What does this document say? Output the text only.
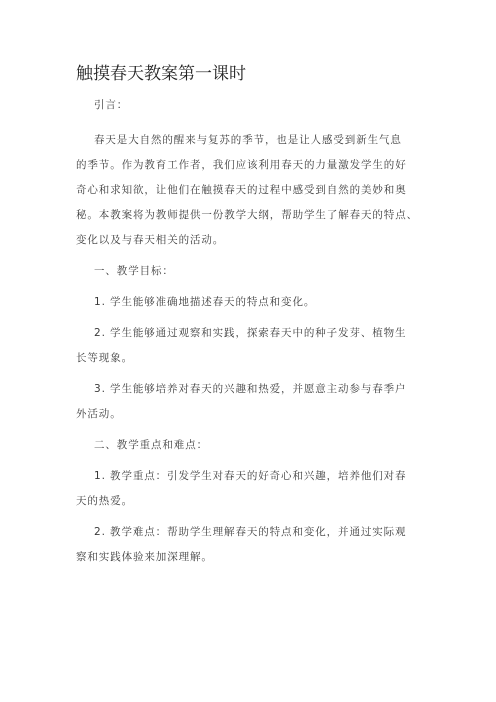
触摸春天教案第一课时
引言：
春天是大自然的醒来与复苏的季节，也是让人感受到新生气息
的季节。作为教育工作者，我们应该利用春天的力量激发学生的好
奇心和求知欲，让他们在触摸春天的过程中感受到自然的美妙和奥
秘。本教案将为教师提供一份教学大纲，帮助学生了解春天的特点、
变化以及与春天相关的活动。
一、教学目标：
1. 学生能够准确地描述春天的特点和变化。
2. 学生能够通过观察和实践，探索春天中的种子发芽、植物生
长等现象。
3. 学生能够培养对春天的兴趣和热爱，并愿意主动参与春季户
外活动。
二、教学重点和难点：
1. 教学重点：引发学生对春天的好奇心和兴趣，培养他们对春
天的热爱。
2. 教学难点：帮助学生理解春天的特点和变化，并通过实际观
察和实践体验来加深理解。
